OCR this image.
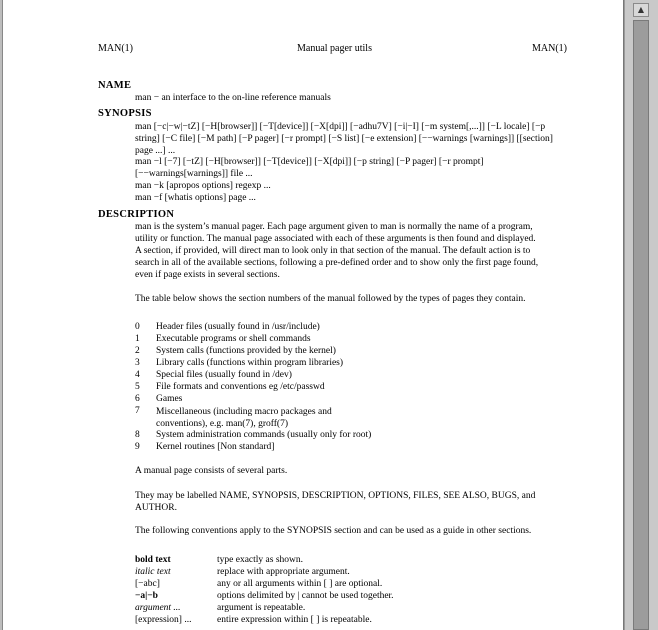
MAN(1)	Manual pager utils	MAN(1)
NAME
man − an interface to the on-line reference manuals
SYNOPSIS
man [−c|−w|−tZ] [−H[browser]] [−T[device]] [−X[dpi]] [−adhu7V] [−i|−I] [−m system[,...]] [−L locale] [−p string] [−C file] [−M path] [−P pager] [−r prompt] [−S list] [−e extension] [−−warnings [warnings]] [[section] page ...] ...
man −l [−7] [−tZ] [−H[browser]] [−T[device]] [−X[dpi]] [−p string] [−P pager] [−r prompt]
[−−warnings[warnings]] file ...
man −k [apropos options] regexp ...
man −f [whatis options] page ...
DESCRIPTION
man is the system’s manual pager. Each page argument given to man is normally the name of a program,
utility or function. The manual page associated with each of these arguments is then found and displayed.
A section, if provided, will direct man to look only in that section of the manual. The default action is to
search in all of the available sections, following a pre-defined order and to show only the first page found,
even if page exists in several sections.
The table below shows the section numbers of the manual followed by the types of pages they contain.
0 Header files (usually found in /usr/include)
1 Executable programs or shell commands
2 System calls (functions provided by the kernel)
3 Library calls (functions within program libraries)
4 Special files (usually found in /dev)
5 File formats and conventions eg /etc/passwd
6 Games
7 Miscellaneous (including macro packages and conventions), e.g. man(7), groff(7)
8 System administration commands (usually only for root)
9 Kernel routines [Non standard]
A manual page consists of several parts.
They may be labelled NAME, SYNOPSIS, DESCRIPTION, OPTIONS, FILES, SEE ALSO, BUGS, and AUTHOR.
The following conventions apply to the SYNOPSIS section and can be used as a guide in other sections.
bold text	type exactly as shown.
italic text	replace with appropriate argument.
[−abc]	any or all arguments within [ ] are optional.
−a|−b	options delimited by | cannot be used together.
argument ...	argument is repeatable.
[expression] ...	entire expression within [ ] is repeatable.
▲
